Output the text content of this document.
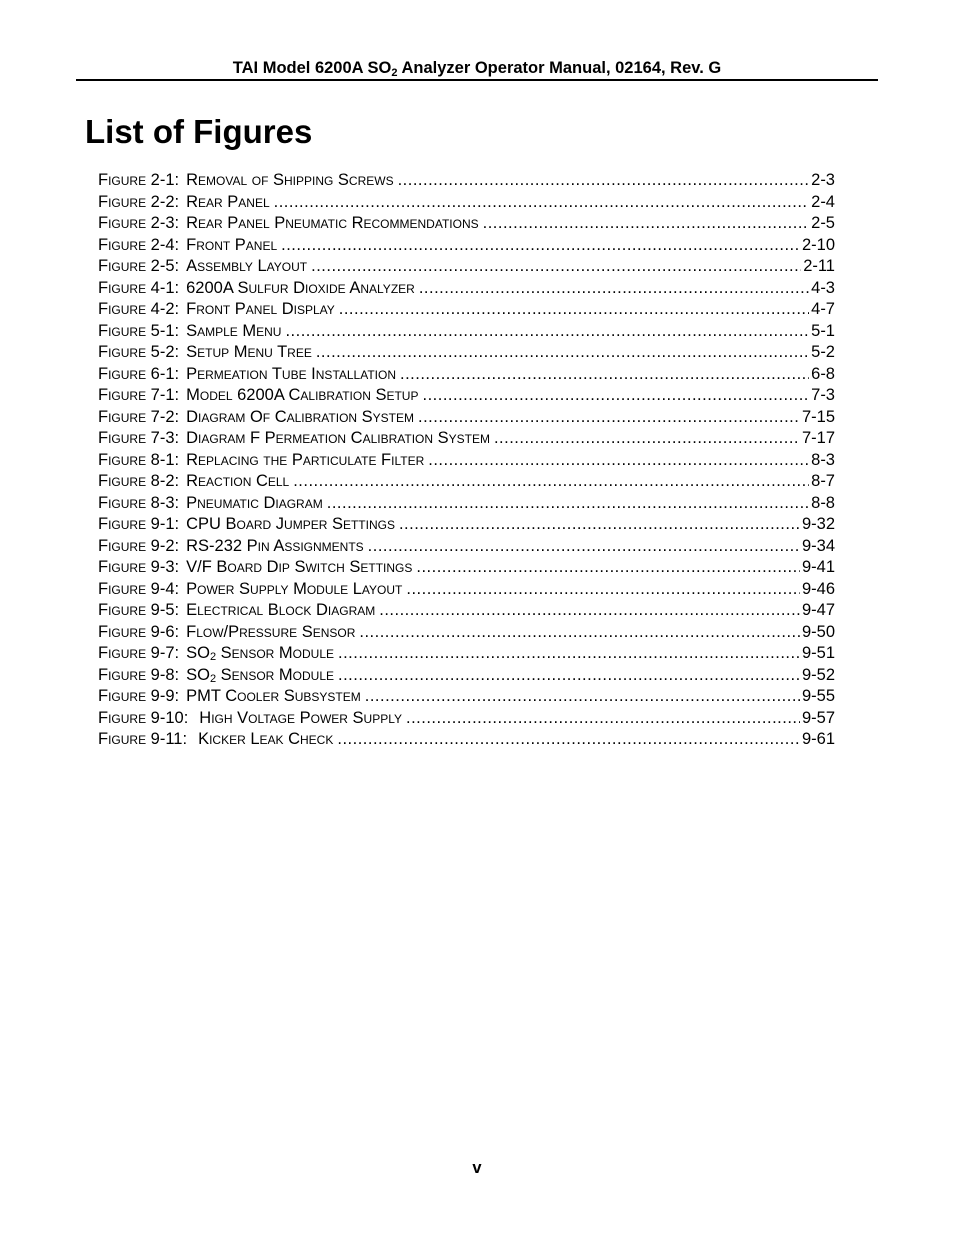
TAI Model 6200A $SO_2$ Analyzer Operator Manual, 02164, Rev. G
List of Figures
Figure 2-1: Removal of Shipping Screws .....	2-3
Figure 2-2: Rear Panel .....	2-4
Figure 2-3: Rear Panel Pneumatic Recommendations .....	2-5
Figure 2-4: Front Panel .....	2-10
Figure 2-5: Assembly Layout .....	2-11
Figure 4-1: 6200A Sulfur Dioxide Analyzer .....	4-3
Figure 4-2: Front Panel Display .....	4-7
Figure 5-1: Sample Menu .....	5-1
Figure 5-2: Setup Menu Tree .....	5-2
Figure 6-1: Permeation Tube Installation .....	6-8
Figure 7-1: Model 6200A Calibration Setup .....	7-3
Figure 7-2: Diagram Of Calibration System .....	7-15
Figure 7-3: Diagram F Permeation Calibration System .....	7-17
Figure 8-1: Replacing the Particulate Filter .....	8-3
Figure 8-2: Reaction Cell .....	8-7
Figure 8-3: Pneumatic Diagram .....	8-8
Figure 9-1: CPU Board Jumper Settings .....	9-32
Figure 9-2: RS-232 Pin Assignments .....	9-34
Figure 9-3: V/F Board Dip Switch Settings .....	9-41
Figure 9-4: Power Supply Module Layout .....	9-46
Figure 9-5: Electrical Block Diagram .....	9-47
Figure 9-6: Flow/Pressure Sensor .....	9-50
Figure 9-7: $SO_2$ Sensor Module .....	9-51
Figure 9-8: $SO_2$ Sensor Module .....	9-52
Figure 9-9: PMT Cooler Subsystem .....	9-55
Figure 9-10: High Voltage Power Supply .....	9-57
Figure 9-11: Kicker Leak Check .....	9-61
v
